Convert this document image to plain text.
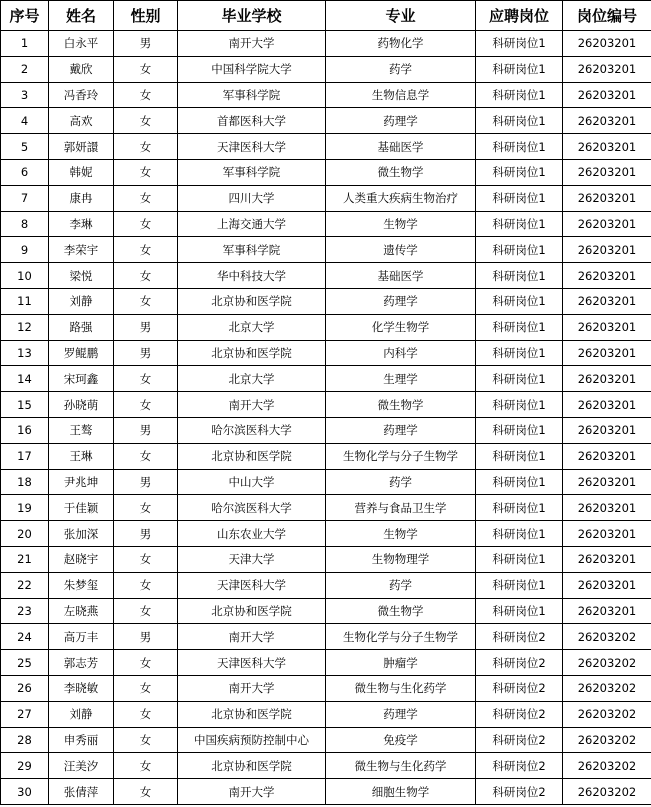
序号	姓名	性别	毕业学校	专业	应聘岗位	岗位编号
1	白永平	男	南开大学	药物化学	科研岗位1	26203201
2	戴欣	女	中国科学院大学	药学	科研岗位1	26203201
3	冯香玲	女	军事科学院	生物信息学	科研岗位1	26203201
4	高欢	女	首都医科大学	药理学	科研岗位1	26203201
5	郭妍譞	女	天津医科大学	基础医学	科研岗位1	26203201
6	韩妮	女	军事科学院	微生物学	科研岗位1	26203201
7	康冉	女	四川大学	人类重大疾病生物治疗	科研岗位1	26203201
8	李琳	女	上海交通大学	生物学	科研岗位1	26203201
9	李荣宇	女	军事科学院	遗传学	科研岗位1	26203201
10	梁悦	女	华中科技大学	基础医学	科研岗位1	26203201
11	刘静	女	北京协和医学院	药理学	科研岗位1	26203201
12	路强	男	北京大学	化学生物学	科研岗位1	26203201
13	罗鲲鹏	男	北京协和医学院	内科学	科研岗位1	26203201
14	宋珂鑫	女	北京大学	生理学	科研岗位1	26203201
15	孙晓萌	女	南开大学	微生物学	科研岗位1	26203201
16	王骜	男	哈尔滨医科大学	药理学	科研岗位1	26203201
17	王琳	女	北京协和医学院	生物化学与分子生物学	科研岗位1	26203201
18	尹兆坤	男	中山大学	药学	科研岗位1	26203201
19	于佳颖	女	哈尔滨医科大学	营养与食品卫生学	科研岗位1	26203201
20	张加深	男	山东农业大学	生物学	科研岗位1	26203201
21	赵晓宇	女	天津大学	生物物理学	科研岗位1	26203201
22	朱梦玺	女	天津医科大学	药学	科研岗位1	26203201
23	左晓燕	女	北京协和医学院	微生物学	科研岗位1	26203201
24	高万丰	男	南开大学	生物化学与分子生物学	科研岗位2	26203202
25	郭志芳	女	天津医科大学	肿瘤学	科研岗位2	26203202
26	李晓敏	女	南开大学	微生物与生化药学	科研岗位2	26203202
27	刘静	女	北京协和医学院	药理学	科研岗位2	26203202
28	申秀丽	女	中国疾病预防控制中心	免疫学	科研岗位2	26203202
29	汪美汐	女	北京协和医学院	微生物与生化药学	科研岗位2	26203202
30	张倩萍	女	南开大学	细胞生物学	科研岗位2	26203202
